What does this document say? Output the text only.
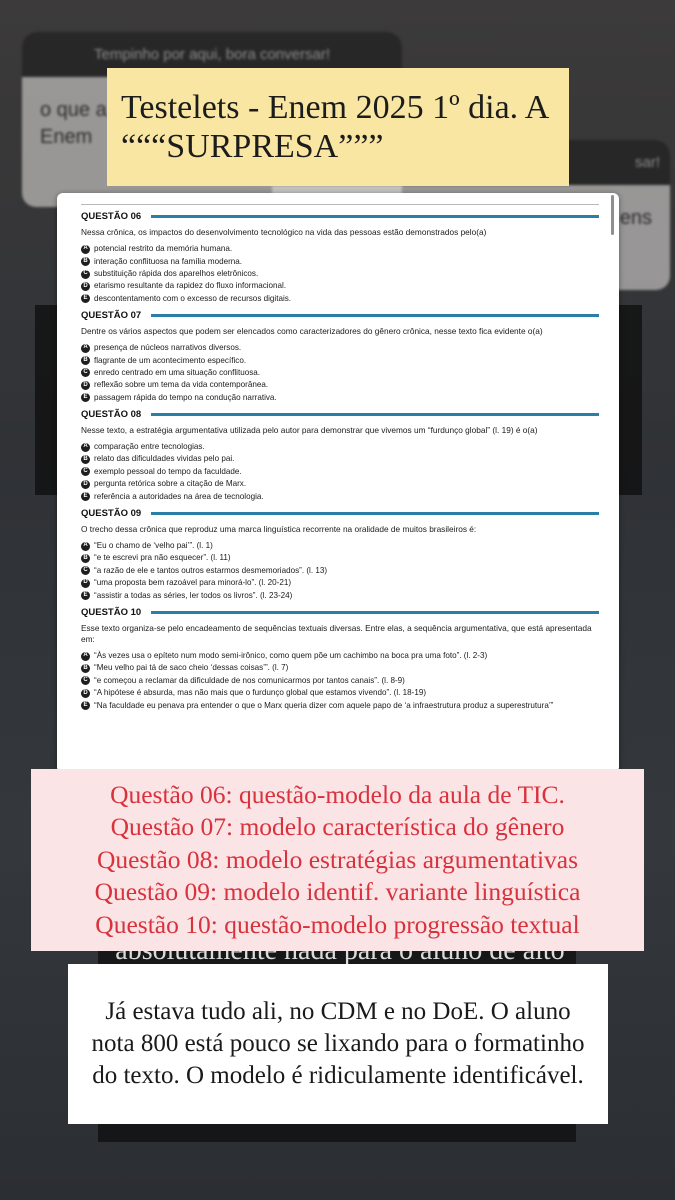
Tempinho por aqui, bora conversar!
o que a
Enem
sar!
ens
Testelets - Enem 2025 1º dia. A “““SURPRESA”””
QUESTÃO 06
Nessa crônica, os impactos do desenvolvimento tecnológico na vida das pessoas estão demonstrados pelo(a)
A potencial restrito da memória humana.
B interação conflituosa na família moderna.
C substituição rápida dos aparelhos eletrônicos.
D etarismo resultante da rapidez do fluxo informacional.
E descontentamento com o excesso de recursos digitais.
QUESTÃO 07
Dentre os vários aspectos que podem ser elencados como caracterizadores do gênero crônica, nesse texto fica evidente o(a)
A presença de núcleos narrativos diversos.
B flagrante de um acontecimento específico.
C enredo centrado em uma situação conflituosa.
D reflexão sobre um tema da vida contemporânea.
E passagem rápida do tempo na condução narrativa.
QUESTÃO 08
Nesse texto, a estratégia argumentativa utilizada pelo autor para demonstrar que vivemos um “furdunço global” (l. 19) é o(a)
A comparação entre tecnologias.
B relato das dificuldades vividas pelo pai.
C exemplo pessoal do tempo da faculdade.
D pergunta retórica sobre a citação de Marx.
E referência a autoridades na área de tecnologia.
QUESTÃO 09
O trecho dessa crônica que reproduz uma marca linguística recorrente na oralidade de muitos brasileiros é:
A “Eu o chamo de ‘velho pai’”. (l. 1)
B “e te escrevi pra não esquecer”. (l. 11)
C “a razão de ele e tantos outros estarmos desmemoriados”. (l. 13)
D “uma proposta bem razoável para minorá-lo”. (l. 20-21)
E “assistir a todas as séries, ler todos os livros”. (l. 23-24)
QUESTÃO 10
Esse texto organiza-se pelo encadeamento de sequências textuais diversas. Entre elas, a sequência argumentativa, que está apresentada em:
A “Às vezes usa o epíteto num modo semi-irônico, como quem põe um cachimbo na boca pra uma foto”. (l. 2-3)
B “Meu velho pai tá de saco cheio ‘dessas coisas’”. (l. 7)
C “e começou a reclamar da dificuldade de nos comunicarmos por tantos canais”. (l. 8-9)
D “A hipótese é absurda, mas não mais que o furdunço global que estamos vivendo”. (l. 18-19)
E “Na faculdade eu penava pra entender o que o Marx queria dizer com aquele papo de ‘a infraestrutura produz a superestrutura’”
Questão 06: questão-modelo da aula de TIC.
Questão 07: modelo característica do gênero
Questão 08: modelo estratégias argumentativas
Questão 09: modelo identif. variante linguística
Questão 10: questão-modelo progressão textual
Já estava tudo ali, no CDM e no DoE. O aluno nota 800 está pouco se lixando para o formatinho do texto. O modelo é ridiculamente identificável.
